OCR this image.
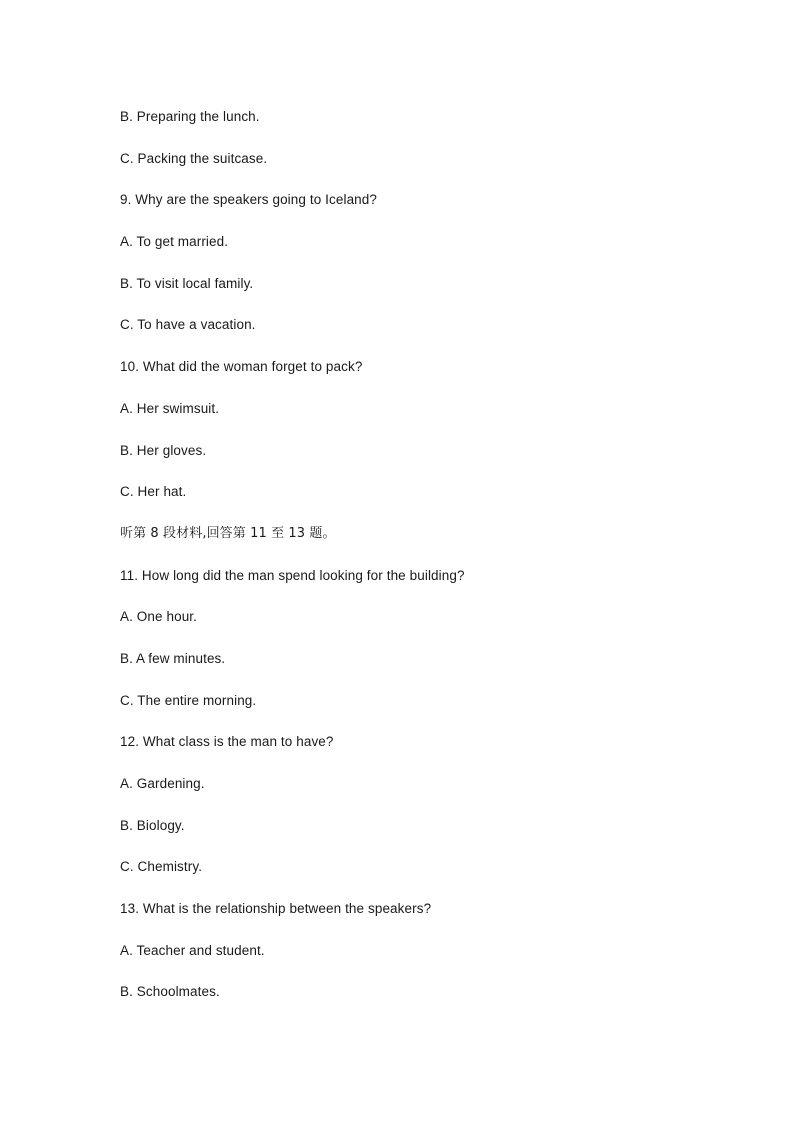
B. Preparing the lunch.
C. Packing the suitcase.
9. Why are the speakers going to Iceland?
A. To get married.
B. To visit local family.
C. To have a vacation.
10. What did the woman forget to pack?
A. Her swimsuit.
B. Her gloves.
C. Her hat.
听第 8 段材料,回答第 11 至 13 题。
11. How long did the man spend looking for the building?
A. One hour.
B. A few minutes.
C. The entire morning.
12. What class is the man to have?
A. Gardening.
B. Biology.
C. Chemistry.
13. What is the relationship between the speakers?
A. Teacher and student.
B. Schoolmates.
